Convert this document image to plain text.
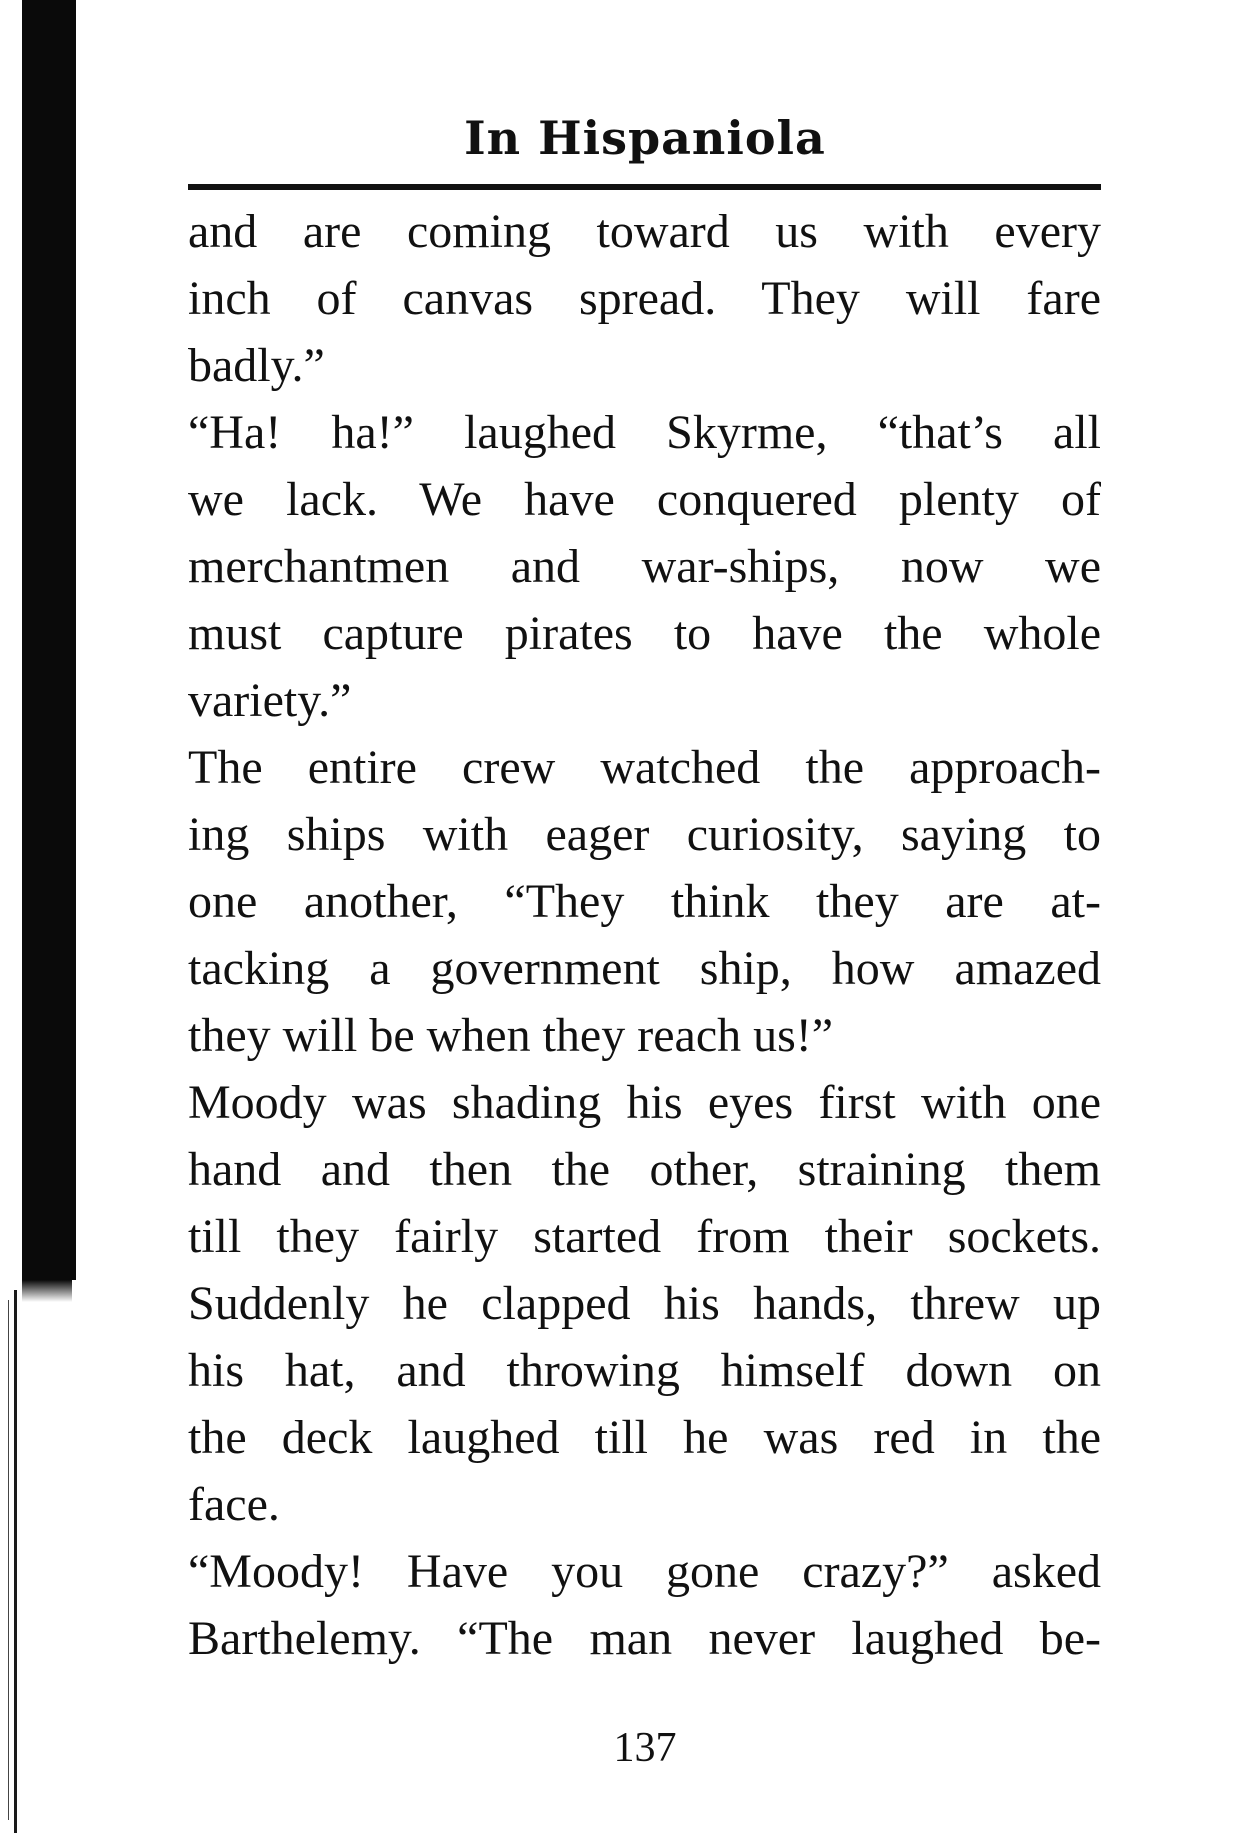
In Hispaniola
and are coming toward us with every
inch of canvas spread. They will fare
badly.”
“Ha! ha!” laughed Skyrme, “that’s all
we lack. We have conquered plenty of
merchantmen and war-ships, now we
must capture pirates to have the whole
variety.”
The entire crew watched the approach-
ing ships with eager curiosity, saying to
one another, “They think they are at-
tacking a government ship, how amazed
they will be when they reach us!”
Moody was shading his eyes first with one
hand and then the other, straining them
till they fairly started from their sockets.
Suddenly he clapped his hands, threw up
his hat, and throwing himself down on
the deck laughed till he was red in the
face.
“Moody! Have you gone crazy?” asked
Barthelemy. “The man never laughed be-
137
